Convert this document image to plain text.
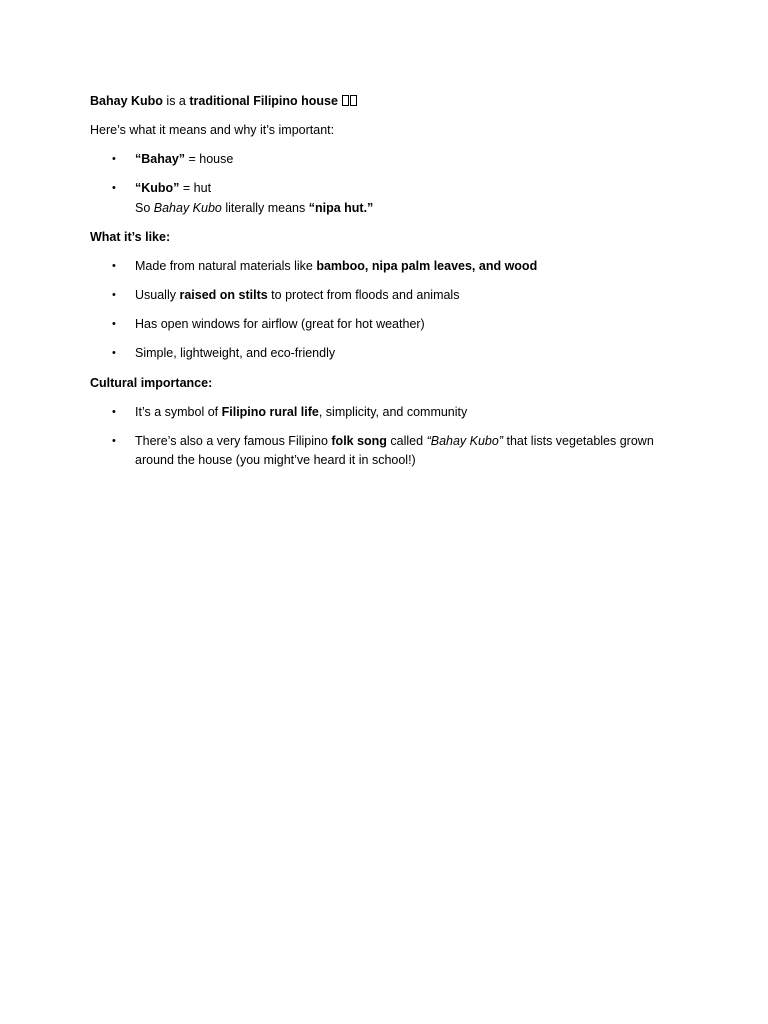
Bahay Kubo is a traditional Filipino house

Here’s what it means and why it’s important:

• “Bahay” = house
• “Kubo” = hut
So Bahay Kubo literally means “nipa hut.”

What it’s like:

• Made from natural materials like bamboo, nipa palm leaves, and wood
• Usually raised on stilts to protect from floods and animals
• Has open windows for airflow (great for hot weather)
• Simple, lightweight, and eco-friendly

Cultural importance:

• It’s a symbol of Filipino rural life, simplicity, and community
• There’s also a very famous Filipino folk song called “Bahay Kubo” that lists vegetables grown around the house (you might’ve heard it in school!)
